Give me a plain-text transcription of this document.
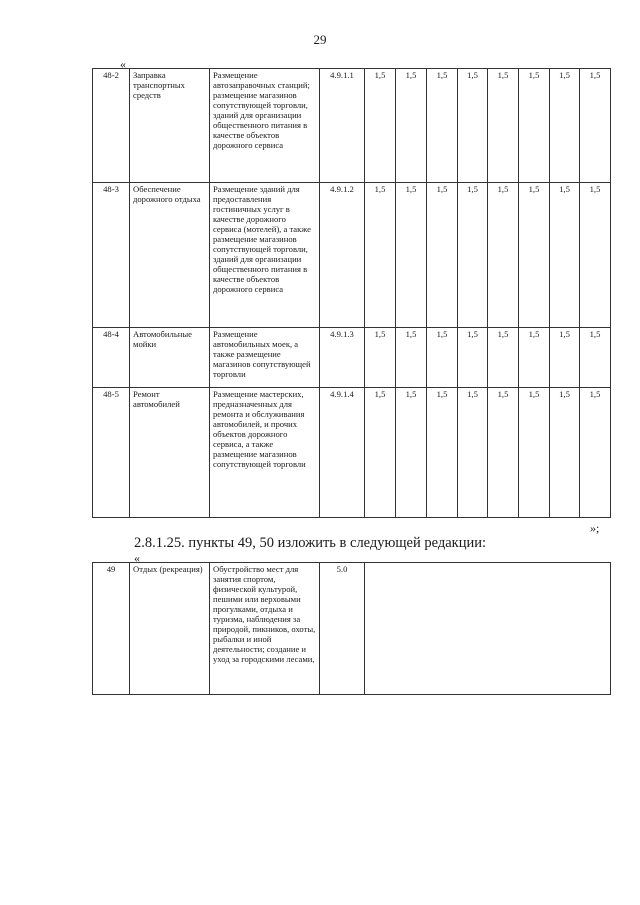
29
«
48-2	Заправка транспортных средств	Размещение автозаправочных станций; размещение магазинов сопутствующей торговли, зданий для организации общественного питания в качестве объектов дорожного сервиса	4.9.1.1	1,5	1,5	1,5	1,5	1,5	1,5	1,5	1,5
48-3	Обеспечение дорожного отдыха	Размещение зданий для предоставления гостиничных услуг в качестве дорожного сервиса (мотелей), а также размещение магазинов сопутствующей торговли, зданий для организации общественного питания в качестве объектов дорожного сервиса	4.9.1.2	1,5	1,5	1,5	1,5	1,5	1,5	1,5	1,5
48-4	Автомобильные мойки	Размещение автомобильных моек, а также размещение магазинов сопутствующей торговли	4.9.1.3	1,5	1,5	1,5	1,5	1,5	1,5	1,5	1,5
48-5	Ремонт автомобилей	Размещение мастерских, предназначенных для ремонта и обслуживания автомобилей, и прочих объектов дорожного сервиса, а также размещение магазинов сопутствующей торговли	4.9.1.4	1,5	1,5	1,5	1,5	1,5	1,5	1,5	1,5
»;
2.8.1.25. пункты 49, 50 изложить в следующей редакции:
«
49	Отдых (рекреация)	Обустройство мест для занятия спортом, физической культурой, пешими или верховыми прогулками, отдыха и туризма, наблюдения за природой, пикников, охоты, рыбалки и иной деятельности; создание и уход за городскими лесами,	5.0	
